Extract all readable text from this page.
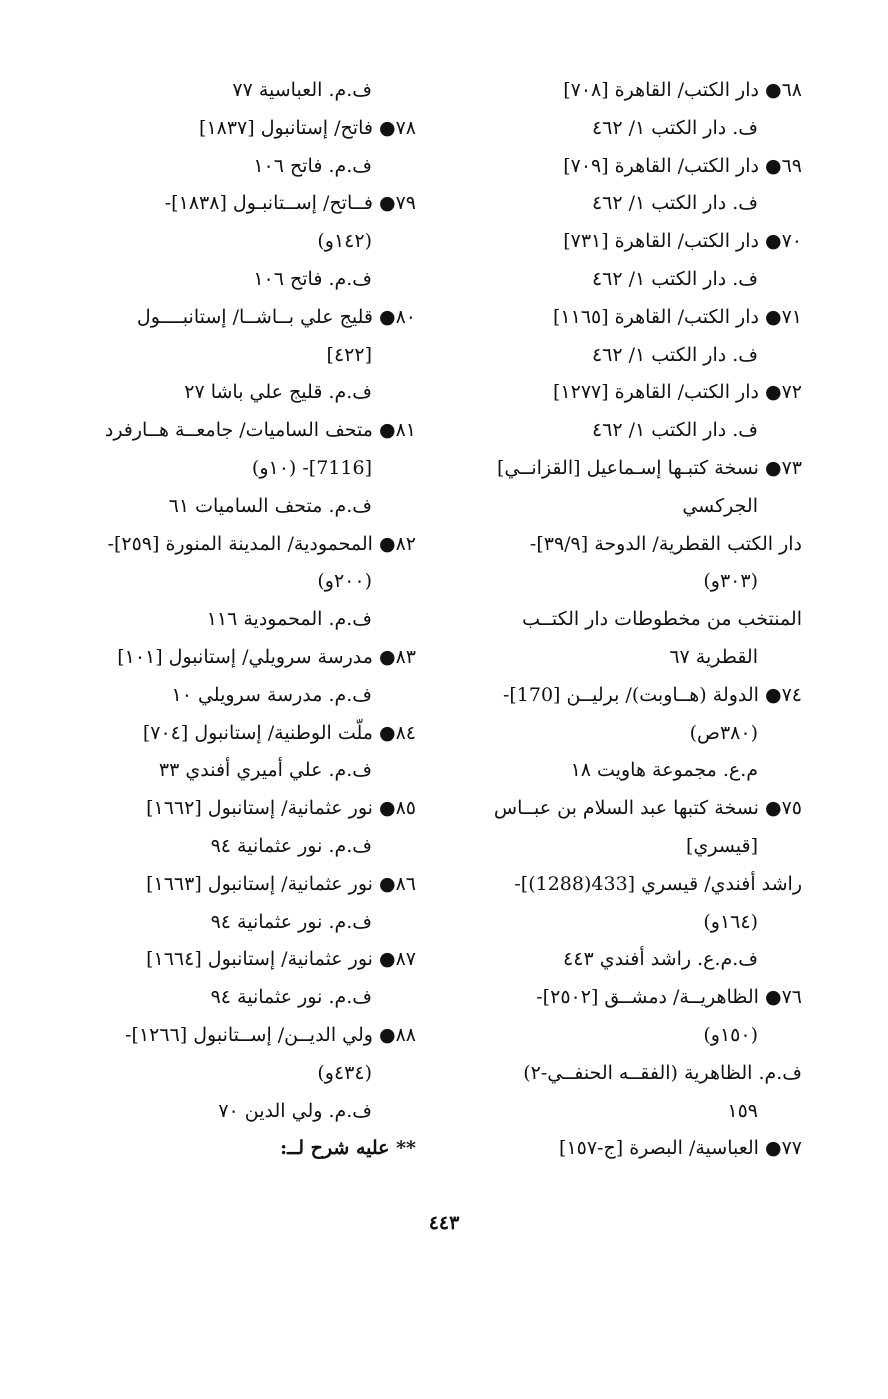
٦٨● دار الكتب/ القاهرة [٧٠٨]
ف. دار الكتب ١/ ٤٦٢
٦٩● دار الكتب/ القاهرة [٧٠٩]
ف. دار الكتب ١/ ٤٦٢
٧٠● دار الكتب/ القاهرة [٧٣١]
ف. دار الكتب ١/ ٤٦٢
٧١● دار الكتب/ القاهرة [١١٦٥]
ف. دار الكتب ١/ ٤٦٢
٧٢● دار الكتب/ القاهرة [١٢٧٧]
ف. دار الكتب ١/ ٤٦٢
٧٣● نسخة كتبـها إسـماعيل [القزانــي]
الجركسي
دار الكتب القطرية/ الدوحة [٣٩/٩]-
(٣٠٣و)
المنتخب من مخطوطات دار الكتــب
القطرية ٦٧
٧٤● الدولة (هــاوبت)/ برليــن [170]-
(٣٨٠ص)
م.ع. مجموعة هاويت ١٨
٧٥● نسخة كتبها عبد السلام بن عبــاس
[قيسري]
راشد أفندي/ قيسري [433(1288)]-
(١٦٤و)
ف.م.ع. راشد أفندي ٤٤٣
٧٦● الظاهريــة/ دمشــق [٢٥٠٢]-
(١٥٠و)
ف.م. الظاهرية (الفقــه الحنفــي-٢)
١٥٩
٧٧● العباسية/ البصرة [ج-١٥٧]
ف.م. العباسية ٧٧
٧٨● فاتح/ إستانبول [١٨٣٧]
ف.م. فاتح ١٠٦
٧٩● فــاتح/ إســتانبـول [١٨٣٨]-
(١٤٢و)
ف.م. فاتح ١٠٦
٨٠● قليج علي بــاشــا/ إستانبــــول
[٤٢٢]
ف.م. قليج علي باشا ٢٧
٨١● متحف الساميات/ جامعــة هــارفرد
[7116]- (١٠و)
ف.م. متحف الساميات ٦١
٨٢● المحمودية/ المدينة المنورة [٢٥٩]-
(٢٠٠و)
ف.م. المحمودية ١١٦
٨٣● مدرسة سرويلي/ إستانبول [١٠١]
ف.م. مدرسة سرويلي ١٠
٨٤● ملّت الوطنية/ إستانبول [٧٠٤]
ف.م. علي أميري أفندي ٣٣
٨٥● نور عثمانية/ إستانبول [١٦٦٢]
ف.م. نور عثمانية ٩٤
٨٦● نور عثمانية/ إستانبول [١٦٦٣]
ف.م. نور عثمانية ٩٤
٨٧● نور عثمانية/ إستانبول [١٦٦٤]
ف.م. نور عثمانية ٩٤
٨٨● ولي الديــن/ إســتانبول [١٢٦٦]-
(٤٣٤و)
ف.م. ولي الدين ٧٠
** عليه شرح لــ:
٤٤٣
